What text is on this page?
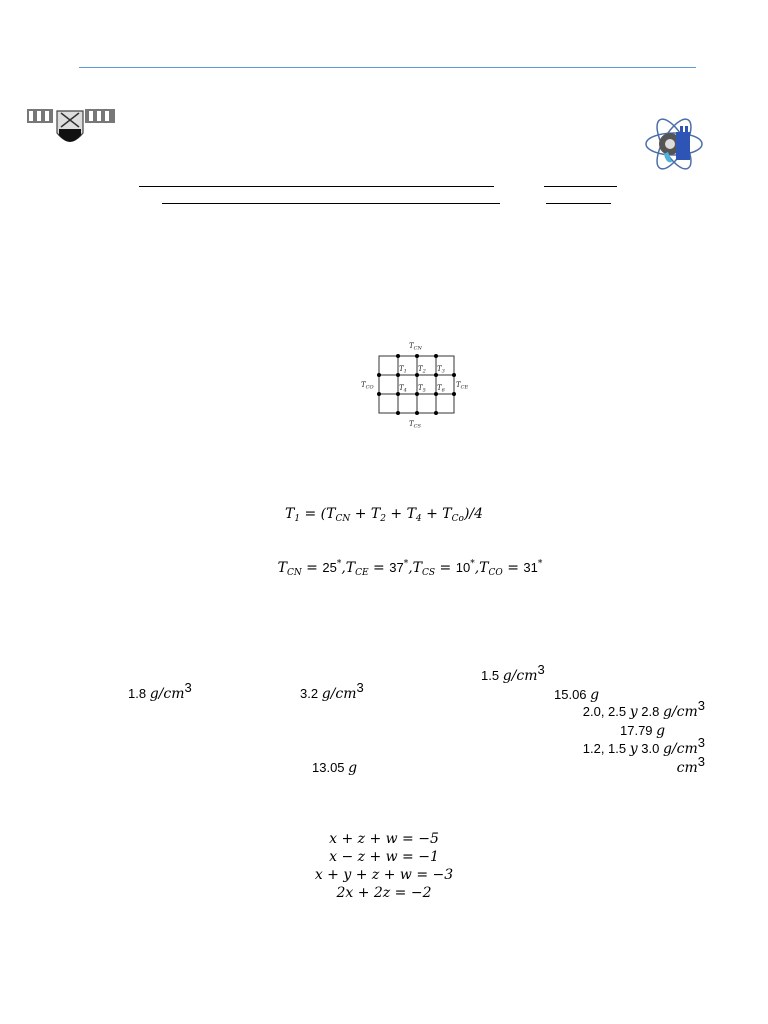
$T_{CN}$
$T_{CS}$
$T_{CO}$	$T_{CE}$
$T_1$ $T_2$ $T_3$
$T_4$ $T_5$ $T_6$
$T_1 = (T_{CN} + T_2 + T_4 + T_{Co})/4$
$T_{CN} = 25^*,T_{CE} = 37^*,T_{CS} = 10^*,T_{CO} = 31^*$
1.5 $g/cm^3$
1.8 $g/cm^3$	3.2 $g/cm^3$	15.06 g
2.0, 2.5 y 2.8 $g/cm^3$
17.79 g
1.2, 1.5 y 3.0 $g/cm^3$
13.05 g	$cm^3$
x + z + w = −5
x − z + w = −1
x + y + z + w = −3
2x + 2z = −2
